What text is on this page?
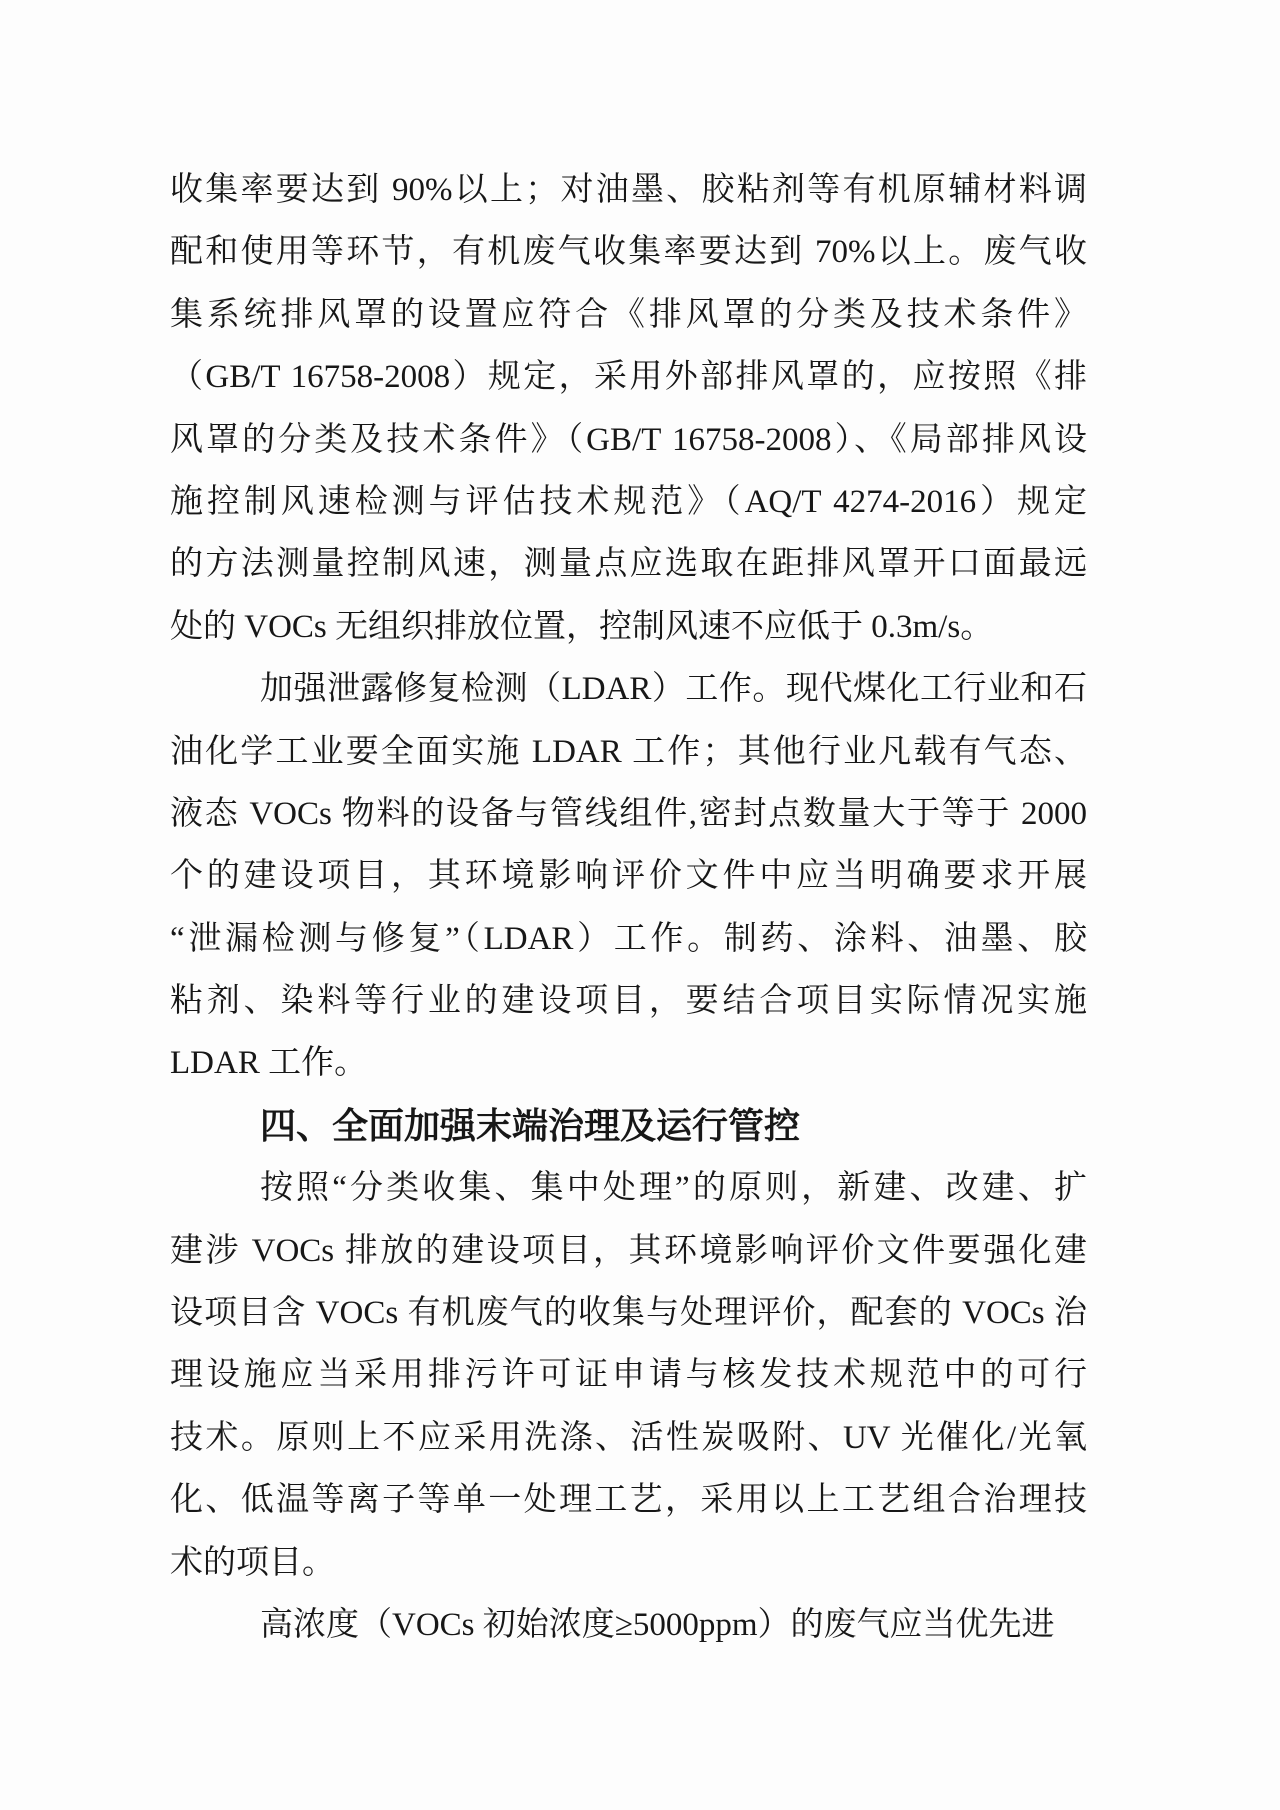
收集率要达到 90%以上；对油墨、胶粘剂等有机原辅材料调
配和使用等环节，有机废气收集率要达到 70%以上。废气收
集系统排风罩的设置应符合《排风罩的分类及技术条件》
（GB/T 16758-2008）规定，采用外部排风罩的，应按照《排
风罩的分类及技术条件》（GB/T 16758-2008）、《局部排风设
施控制风速检测与评估技术规范》（AQ/T 4274-2016）规定
的方法测量控制风速，测量点应选取在距排风罩开口面最远
处的 VOCs 无组织排放位置，控制风速不应低于 0.3m/s。
加强泄露修复检测（LDAR）工作。现代煤化工行业和石
油化学工业要全面实施 LDAR 工作；其他行业凡载有气态、
液态 VOCs 物料的设备与管线组件,密封点数量大于等于 2000
个的建设项目，其环境影响评价文件中应当明确要求开展
“泄漏检测与修复”（LDAR）工作。制药、涂料、油墨、胶
粘剂、染料等行业的建设项目，要结合项目实际情况实施
LDAR 工作。
四、全面加强末端治理及运行管控
按照“分类收集、集中处理”的原则，新建、改建、扩
建涉 VOCs 排放的建设项目，其环境影响评价文件要强化建
设项目含 VOCs 有机废气的收集与处理评价，配套的 VOCs 治
理设施应当采用排污许可证申请与核发技术规范中的可行
技术。原则上不应采用洗涤、活性炭吸附、UV 光催化/光氧
化、低温等离子等单一处理工艺，采用以上工艺组合治理技
术的项目。
高浓度（VOCs 初始浓度≥5000ppm）的废气应当优先进
